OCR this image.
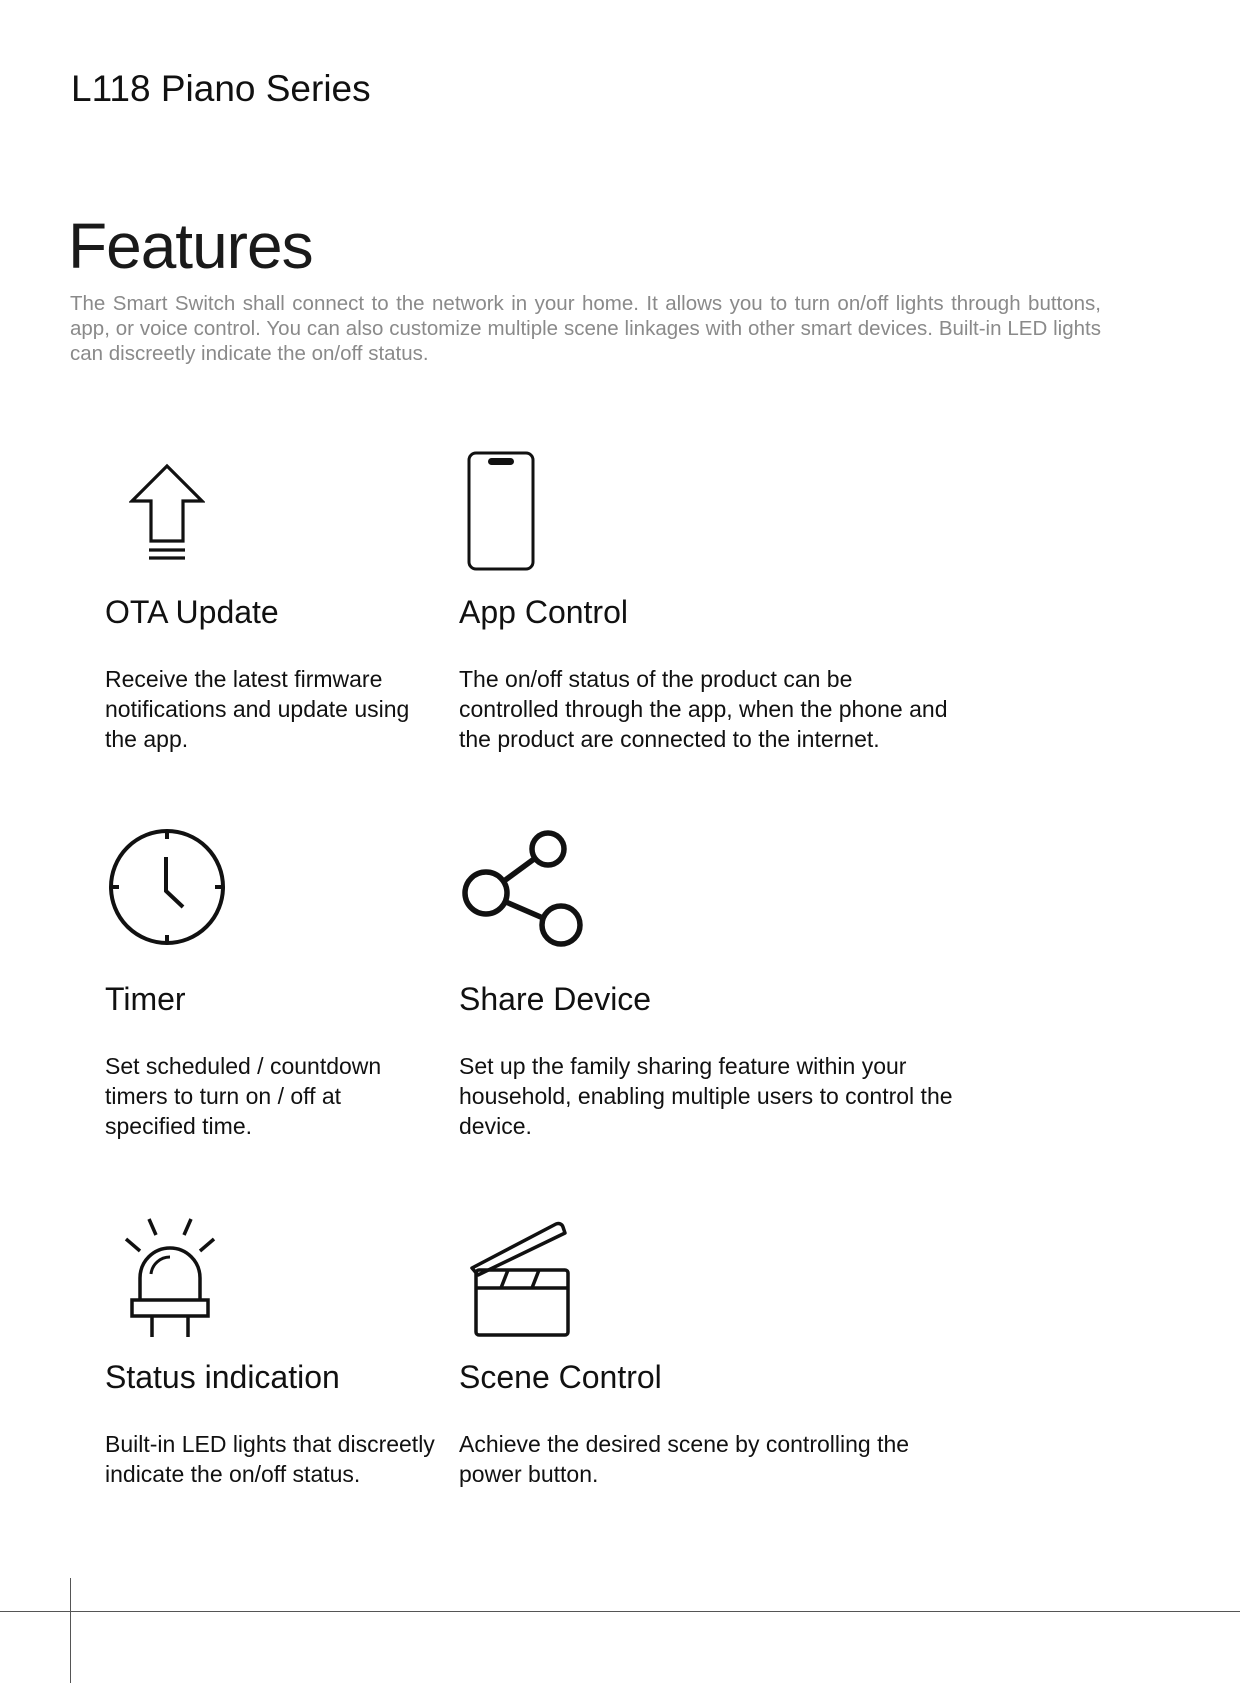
L118 Piano Series
Features

The Smart Switch shall connect to the network in your home. It allows you to turn on/off lights through buttons, app, or voice control. You can also customize multiple scene linkages with other smart devices. Built-in LED lights can discreetly indicate the on/off status.

OTA Update

Receive the latest firmware
notifications and update using
the app.

App Control

The on/off status of the product can be
controlled through the app, when the phone and
the product are connected to the internet.

Timer

Set scheduled / countdown
timers to turn on / off at
specified time.

Share Device

Set up the family sharing feature within your
household, enabling multiple users to control the
device.

Status indication

Built-in LED lights that discreetly
indicate the on/off status.

Scene Control

Achieve the desired scene by controlling the
power button.
